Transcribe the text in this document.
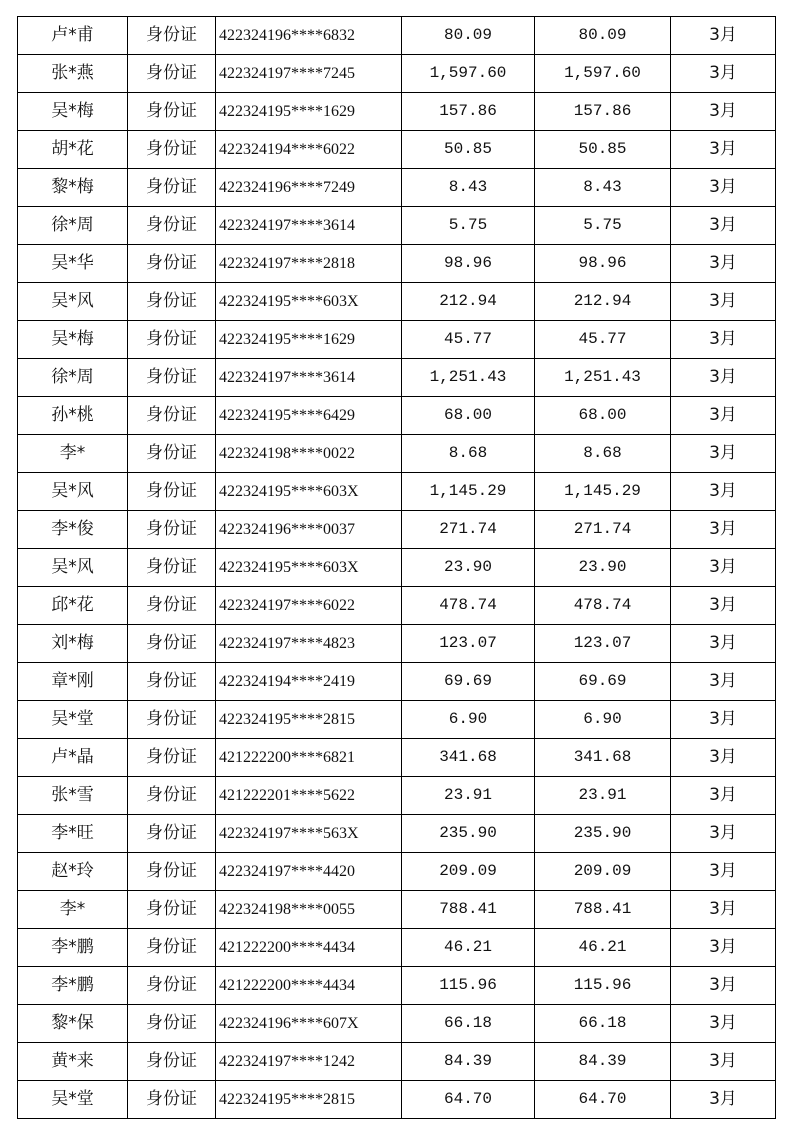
卢*甫	身份证	422324196****6832	80.09	80.09	3月
张*燕	身份证	422324197****7245	1,597.60	1,597.60	3月
吴*梅	身份证	422324195****1629	157.86	157.86	3月
胡*花	身份证	422324194****6022	50.85	50.85	3月
黎*梅	身份证	422324196****7249	8.43	8.43	3月
徐*周	身份证	422324197****3614	5.75	5.75	3月
吴*华	身份证	422324197****2818	98.96	98.96	3月
吴*风	身份证	422324195****603X	212.94	212.94	3月
吴*梅	身份证	422324195****1629	45.77	45.77	3月
徐*周	身份证	422324197****3614	1,251.43	1,251.43	3月
孙*桃	身份证	422324195****6429	68.00	68.00	3月
李*	身份证	422324198****0022	8.68	8.68	3月
吴*风	身份证	422324195****603X	1,145.29	1,145.29	3月
李*俊	身份证	422324196****0037	271.74	271.74	3月
吴*风	身份证	422324195****603X	23.90	23.90	3月
邱*花	身份证	422324197****6022	478.74	478.74	3月
刘*梅	身份证	422324197****4823	123.07	123.07	3月
章*刚	身份证	422324194****2419	69.69	69.69	3月
吴*堂	身份证	422324195****2815	6.90	6.90	3月
卢*晶	身份证	421222200****6821	341.68	341.68	3月
张*雪	身份证	421222201****5622	23.91	23.91	3月
李*旺	身份证	422324197****563X	235.90	235.90	3月
赵*玲	身份证	422324197****4420	209.09	209.09	3月
李*	身份证	422324198****0055	788.41	788.41	3月
李*鹏	身份证	421222200****4434	46.21	46.21	3月
李*鹏	身份证	421222200****4434	115.96	115.96	3月
黎*保	身份证	422324196****607X	66.18	66.18	3月
黄*来	身份证	422324197****1242	84.39	84.39	3月
吴*堂	身份证	422324195****2815	64.70	64.70	3月
